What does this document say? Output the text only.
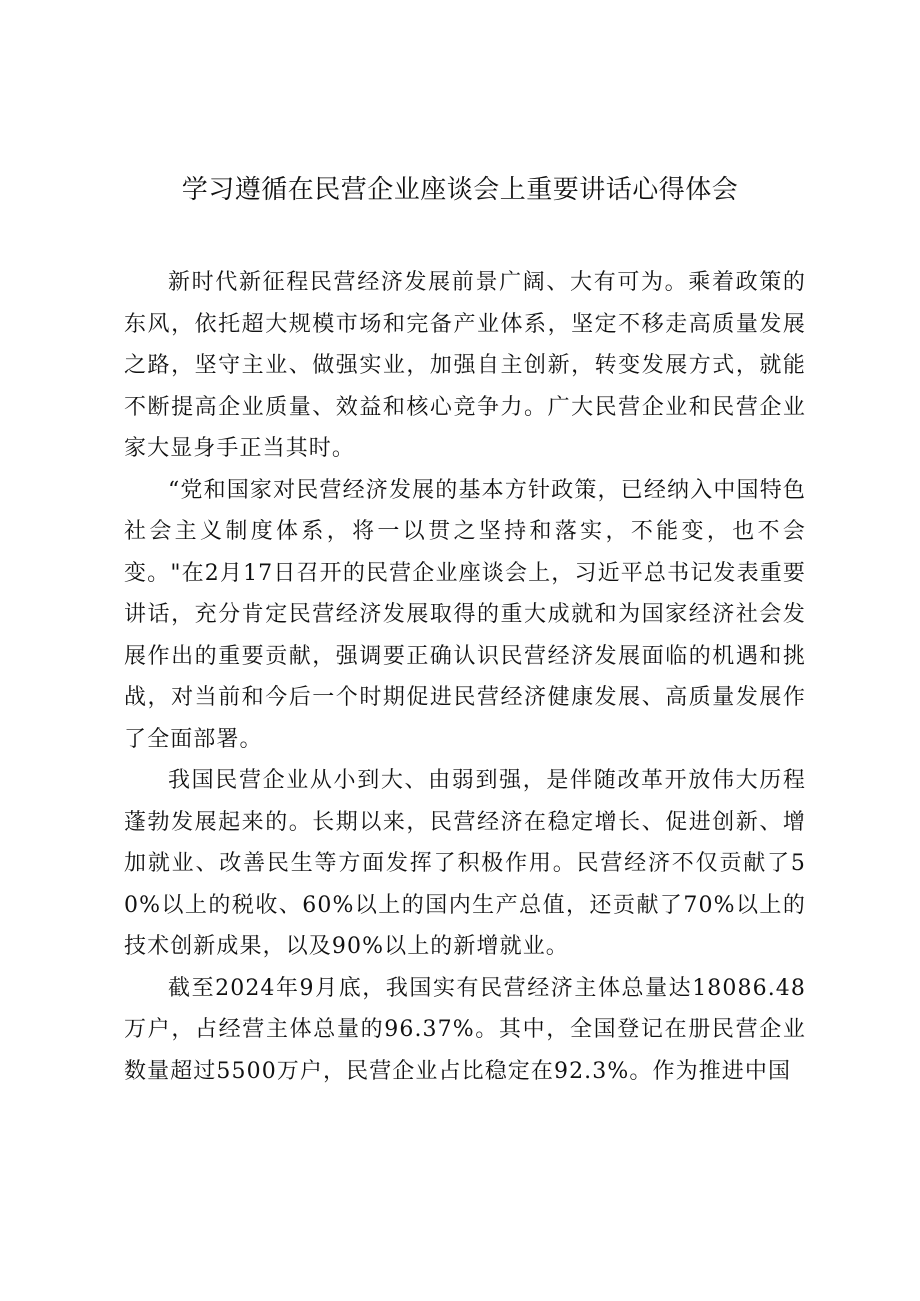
学习遵循在民营企业座谈会上重要讲话心得体会

新时代新征程民营经济发展前景广阔、大有可为。乘着政策的东风，依托超大规模市场和完备产业体系，坚定不移走高质量发展之路，坚守主业、做强实业，加强自主创新，转变发展方式，就能不断提高企业质量、效益和核心竞争力。广大民营企业和民营企业家大显身手正当其时。

“党和国家对民营经济发展的基本方针政策，已经纳入中国特色社会主义制度体系，将一以贯之坚持和落实，不能变，也不会变。"在2月17日召开的民营企业座谈会上，习近平总书记发表重要讲话，充分肯定民营经济发展取得的重大成就和为国家经济社会发展作出的重要贡献，强调要正确认识民营经济发展面临的机遇和挑战，对当前和今后一个时期促进民营经济健康发展、高质量发展作了全面部署。

我国民营企业从小到大、由弱到强，是伴随改革开放伟大历程蓬勃发展起来的。长期以来，民营经济在稳定增长、促进创新、增加就业、改善民生等方面发挥了积极作用。民营经济不仅贡献了50%以上的税收、60%以上的国内生产总值，还贡献了70%以上的技术创新成果，以及90%以上的新增就业。

截至2024年9月底，我国实有民营经济主体总量达18086.48万户，占经营主体总量的96.37%。其中，全国登记在册民营企业数量超过5500万户，民营企业占比稳定在92.3%。作为推进中国
